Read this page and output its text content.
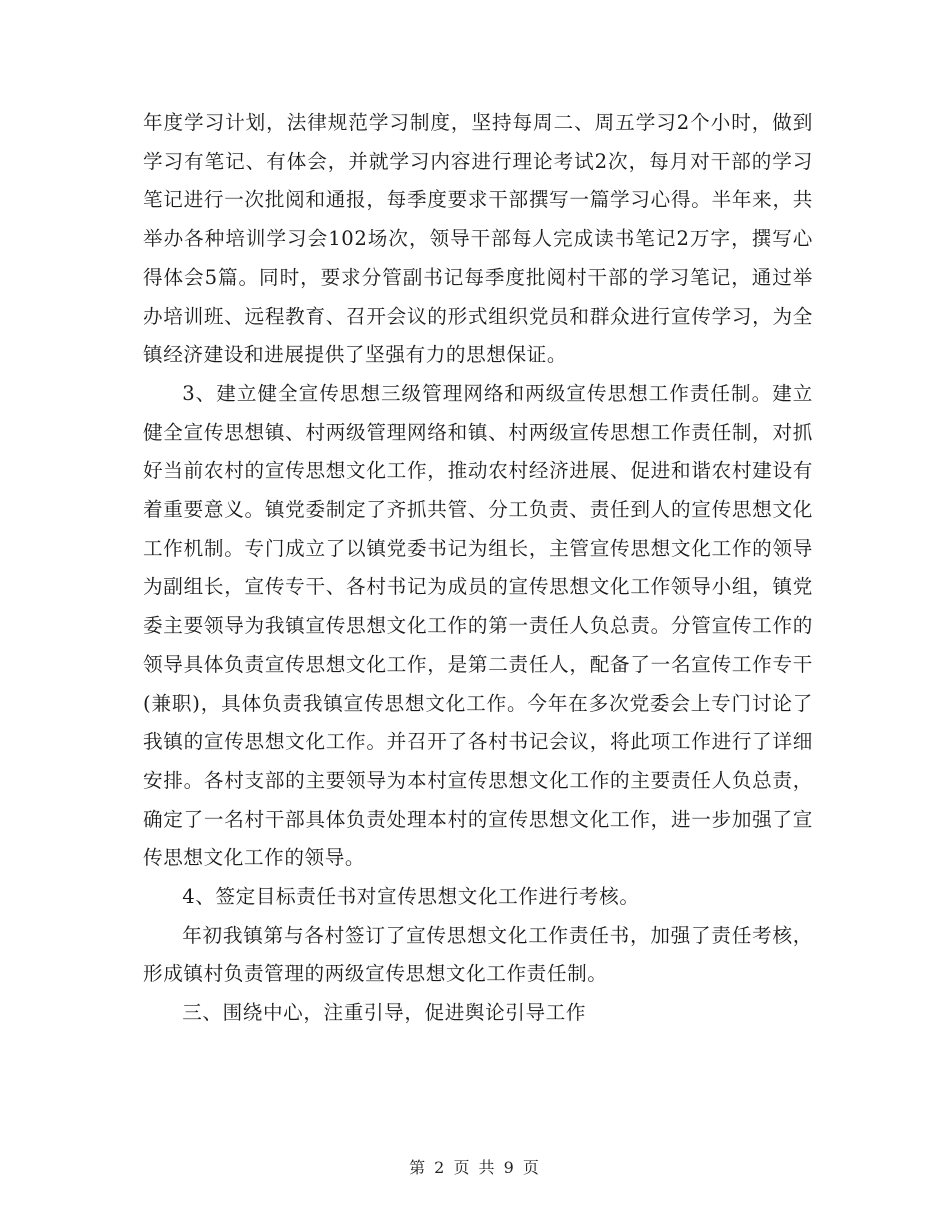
年度学习计划，法律规范学习制度，坚持每周二、周五学习2个小时，做到学习有笔记、有体会，并就学习内容进行理论考试2次，每月对干部的学习笔记进行一次批阅和通报，每季度要求干部撰写一篇学习心得。半年来，共举办各种培训学习会102场次，领导干部每人完成读书笔记2万字，撰写心得体会5篇。同时，要求分管副书记每季度批阅村干部的学习笔记，通过举办培训班、远程教育、召开会议的形式组织党员和群众进行宣传学习，为全镇经济建设和进展提供了坚强有力的思想保证。

3、建立健全宣传思想三级管理网络和两级宣传思想工作责任制。建立健全宣传思想镇、村两级管理网络和镇、村两级宣传思想工作责任制，对抓好当前农村的宣传思想文化工作，推动农村经济进展、促进和谐农村建设有着重要意义。镇党委制定了齐抓共管、分工负责、责任到人的宣传思想文化工作机制。专门成立了以镇党委书记为组长，主管宣传思想文化工作的领导为副组长，宣传专干、各村书记为成员的宣传思想文化工作领导小组，镇党委主要领导为我镇宣传思想文化工作的第一责任人负总责。分管宣传工作的领导具体负责宣传思想文化工作，是第二责任人，配备了一名宣传工作专干(兼职)，具体负责我镇宣传思想文化工作。今年在多次党委会上专门讨论了我镇的宣传思想文化工作。并召开了各村书记会议，将此项工作进行了详细安排。各村支部的主要领导为本村宣传思想文化工作的主要责任人负总责，确定了一名村干部具体负责处理本村的宣传思想文化工作，进一步加强了宣传思想文化工作的领导。

4、签定目标责任书对宣传思想文化工作进行考核。

年初我镇第与各村签订了宣传思想文化工作责任书，加强了责任考核，形成镇村负责管理的两级宣传思想文化工作责任制。

三、围绕中心，注重引导，促进舆论引导工作

第 2 页 共 9 页
